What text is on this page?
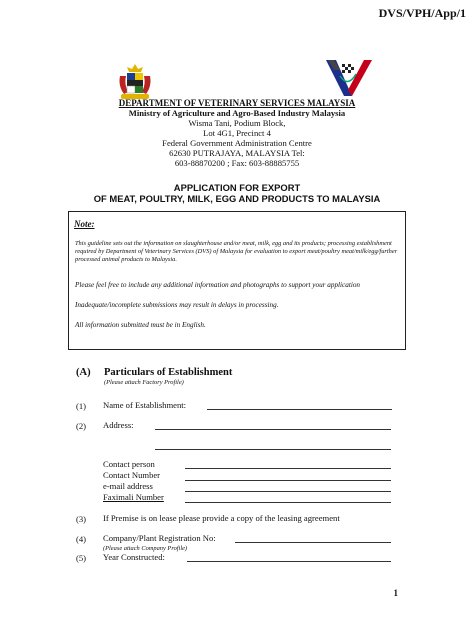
DVS/VPH/App/1
DEPARTMENT OF VETERINARY SERVICES MALAYSIA
Ministry of Agriculture and Agro-Based Industry Malaysia
Wisma Tani, Podium Block,
Lot 4G1, Precinct 4
Federal Government Administration Centre
62630 PUTRAJAYA, MALAYSIA Tel:
603-88870200 ; Fax: 603-88885755
APPLICATION FOR EXPORT
OF MEAT, POULTRY, MILK, EGG AND PRODUCTS TO MALAYSIA
Note:
This guideline sets out the information on slaughterhouse and/or meat, milk, egg and its products; processing establishment required by Department of Veterinary Services (DVS) of Malaysia for evaluation to export meat/poultry meat/milk/egg/further processed animal products to Malaysia.
Please feel free to include any additional information and photographs to support your application
Inadequate/incomplete submissions may result in delays in processing.
All information submitted must be in English.
(A) Particulars of Establishment
(Please attach Factory Profile)
(1) Name of Establishment:
(2) Address:
Contact person
Contact Number
e-mail address
Faximali Number
(3) If Premise is on lease please provide a copy of the leasing agreement
(4) Company/Plant Registration No:
(Please attach Company Profile)
(5) Year Constructed:
1
